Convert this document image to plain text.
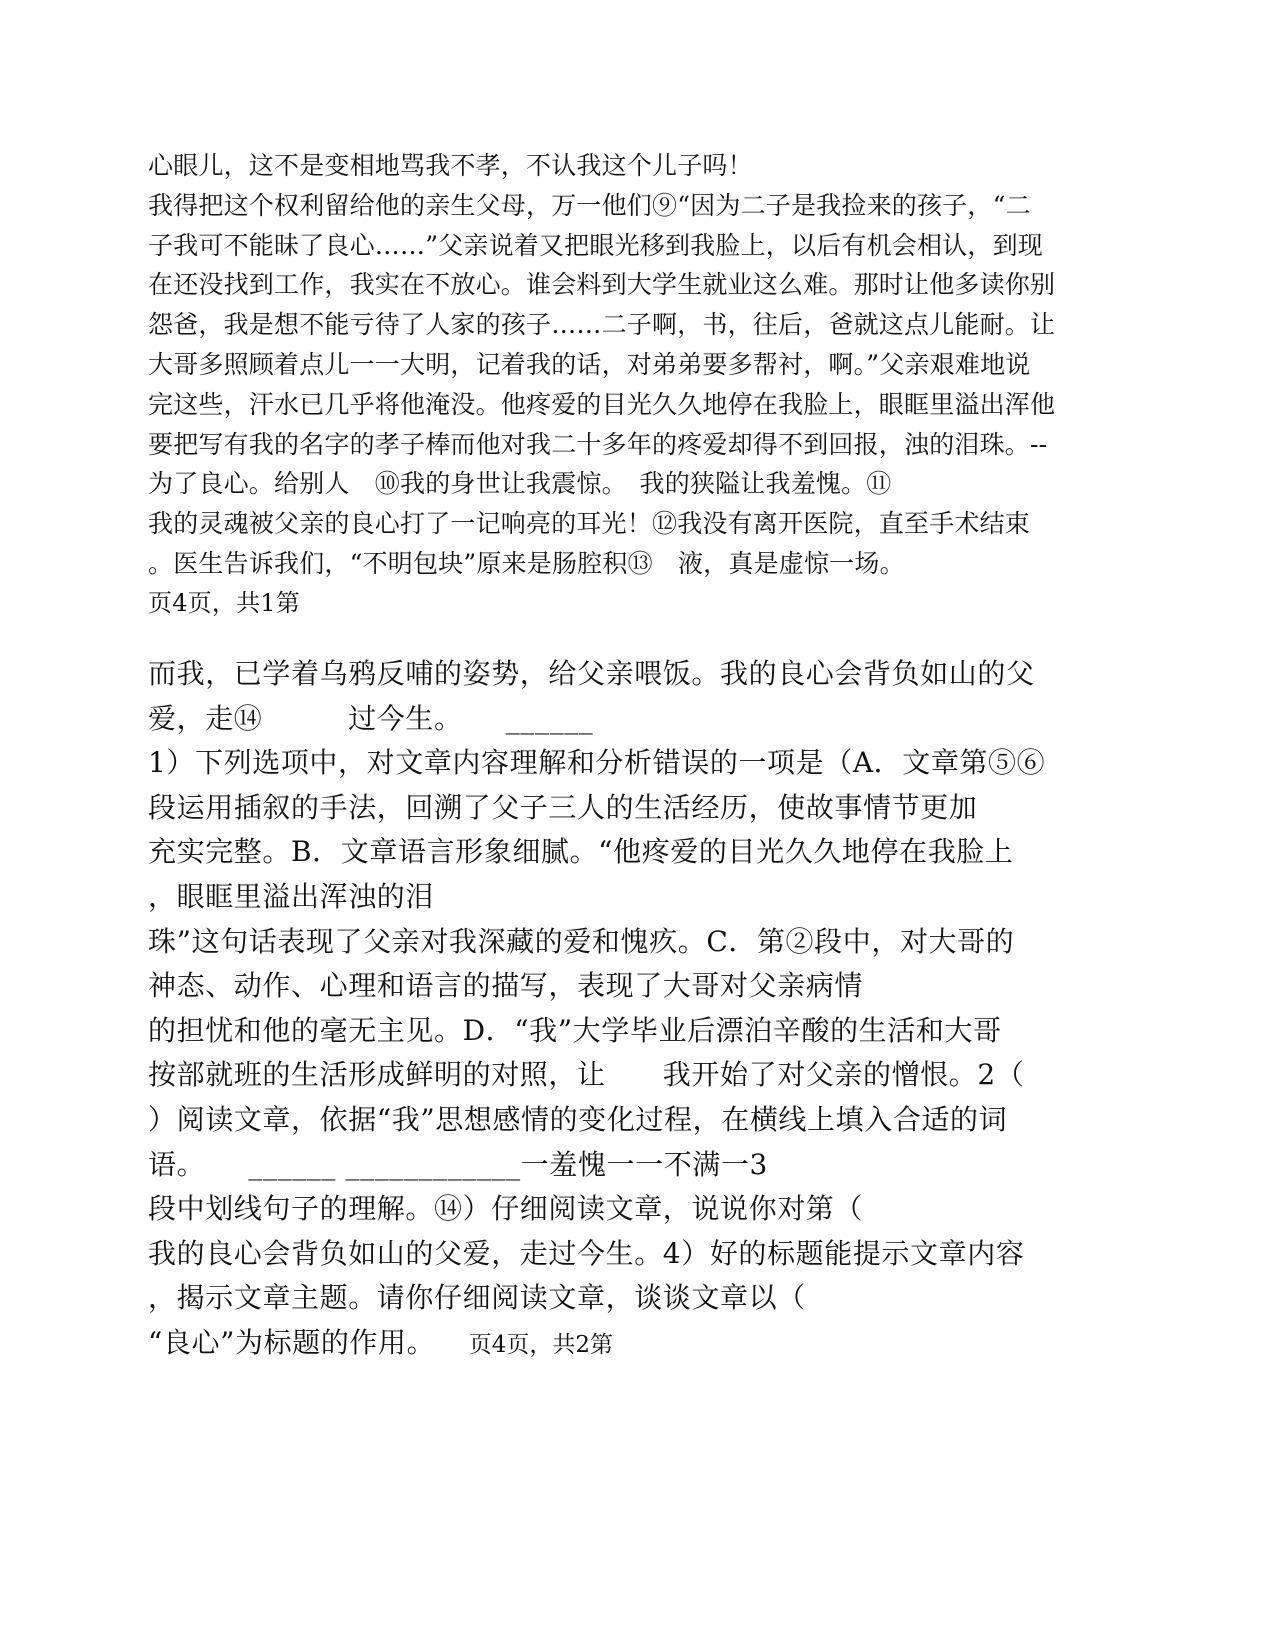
心眼儿，这不是变相地骂我不孝，不认我这个儿子吗！
我得把这个权利留给他的亲生父母，万一他们⑨“因为二子是我捡来的孩子，“二
子我可不能昧了良心……”父亲说着又把眼光移到我脸上，以后有机会相认，到现
在还没找到工作，我实在不放心。谁会料到大学生就业这么难。那时让他多读你别
怨爸，我是想不能亏待了人家的孩子……二子啊，书，往后，爸就这点儿能耐。让
大哥多照顾着点儿一一大明，记着我的话，对弟弟要多帮衬，啊。”父亲艰难地说
完这些，汗水已几乎将他淹没。他疼爱的目光久久地停在我脸上，眼眶里溢出浑他
要把写有我的名字的孝子棒而他对我二十多年的疼爱却得不到回报，浊的泪珠。--
为了良心。给别人　⑩我的身世让我震惊。　我的狭隘让我羞愧。⑪
我的灵魂被父亲的良心打了一记响亮的耳光！⑫我没有离开医院，直至手术结束
。医生告诉我们，“不明包块”原来是肠腔积⑬　液，真是虚惊一场。
页4页，共1第
而我，已学着乌鸦反哺的姿势，给父亲喂饭。我的良心会背负如山的父
爱，走⑭　　　过今生。　　______
1）下列选项中，对文章内容理解和分析错误的一项是（A．文章第⑤⑥
段运用插叙的手法，回溯了父子三人的生活经历，使故事情节更加
充实完整。B．文章语言形象细腻。“他疼爱的目光久久地停在我脸上
，眼眶里溢出浑浊的泪
珠”这句话表现了父亲对我深藏的爱和愧疚。C．第②段中，对大哥的
神态、动作、心理和语言的描写，表现了大哥对父亲病情
的担忧和他的毫无主见。D．“我”大学毕业后漂泊辛酸的生活和大哥
按部就班的生活形成鲜明的对照，让　　我开始了对父亲的憎恨。2（
）阅读文章，依据“我”思想感情的变化过程，在横线上填入合适的词
语。　　______ ____________一羞愧一一不满一3
段中划线句子的理解。⑭）仔细阅读文章，说说你对第（
我的良心会背负如山的父爱，走过今生。4）好的标题能提示文章内容
，揭示文章主题。请你仔细阅读文章，谈谈文章以（
“良心”为标题的作用。 页4页，共2第
